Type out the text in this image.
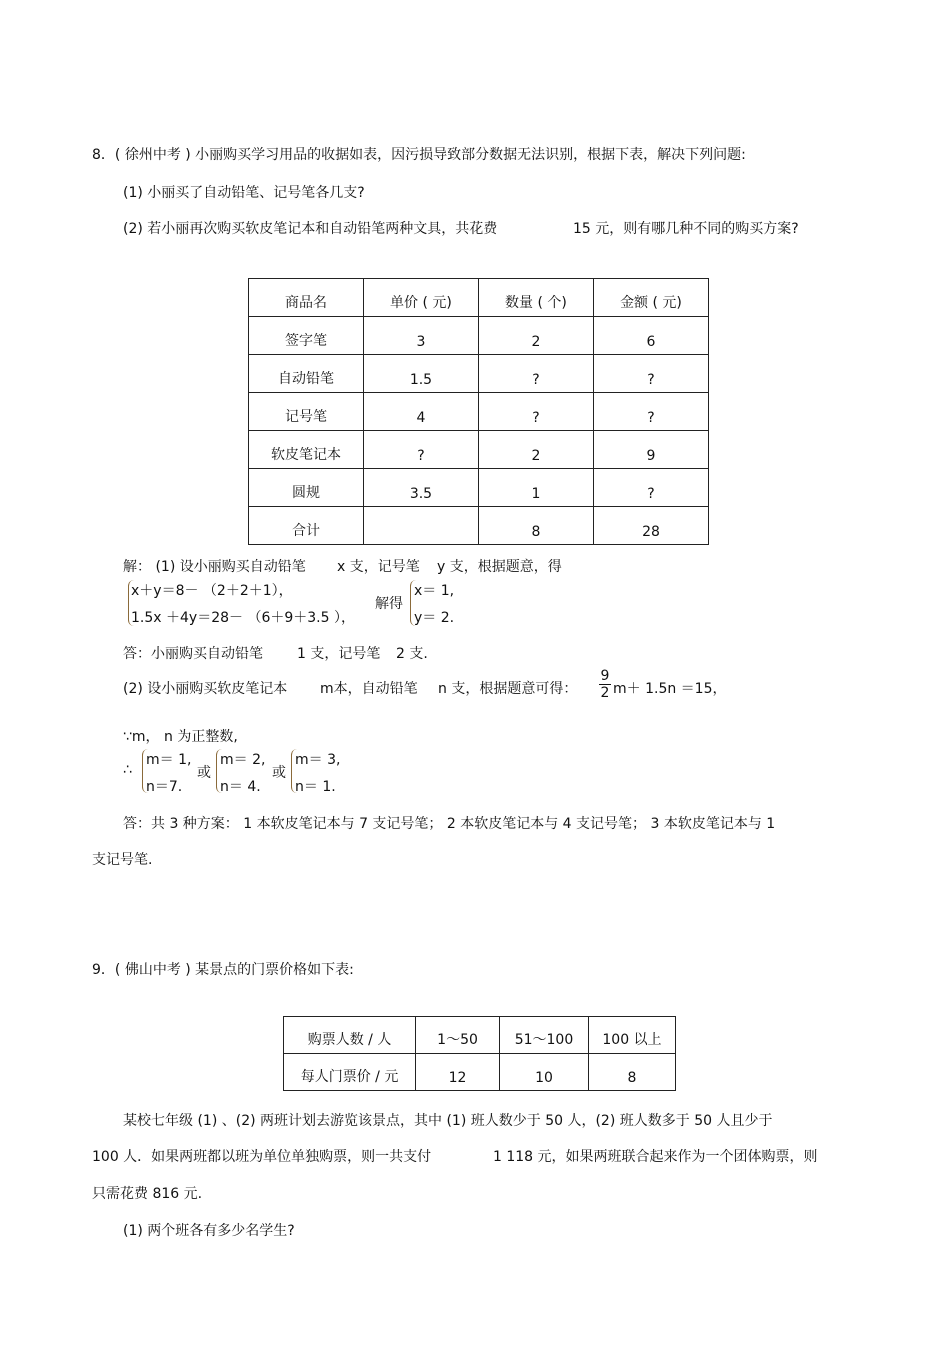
8．( 徐州中考 ) 小丽购买学习用品的收据如表，因污损导致部分数据无法识别，根据下表，解决下列问题:
(1) 小丽买了自动铅笔、记号笔各几支?
(2) 若小丽再次购买软皮笔记本和自动铅笔两种文具，共花费	15 元，则有哪几种不同的购买方案?
商品名	单价 ( 元)	数量 ( 个)	金额 ( 元)
签字笔	3	2	6
自动铅笔	1.5	?	?
记号笔	4	?	?
软皮笔记本	?	2	9
圆规	3.5	1	?
合计		8	28
解： (1) 设小丽购买自动铅笔 x 支，记号笔 y 支，根据题意，得
x＋y＝8－ （2＋2＋1），
1.5x ＋4y＝28－ （6＋9＋3.5 ），
解得
x＝ 1,
y＝ 2.
答：小丽购买自动铅笔 1 支，记号笔 2 支.
(2) 设小丽购买软皮笔记本 m本，自动铅笔 n 支，根据题意可得： $\frac{9}{2} m+ 1.5n =15$，
∵m， n 为正整数,
∴
m＝ 1,
n＝7.
或
m＝ 2,
n＝ 4.
或
m＝ 3,
n＝ 1.
答：共 3 种方案： 1 本软皮笔记本与 7 支记号笔； 2 本软皮笔记本与 4 支记号笔； 3 本软皮笔记本与 1
支记号笔.
9．( 佛山中考 ) 某景点的门票价格如下表:
购票人数 / 人	1～50	51～100	100 以上
每人门票价 / 元	12	10	8
某校七年级 (1) 、(2) 两班计划去游览该景点，其中 (1) 班人数少于 50 人，(2) 班人数多于 50 人且少于
100 人．如果两班都以班为单位单独购票，则一共支付	1 118 元，如果两班联合起来作为一个团体购票，则
只需花费 816 元.
(1) 两个班各有多少名学生?
